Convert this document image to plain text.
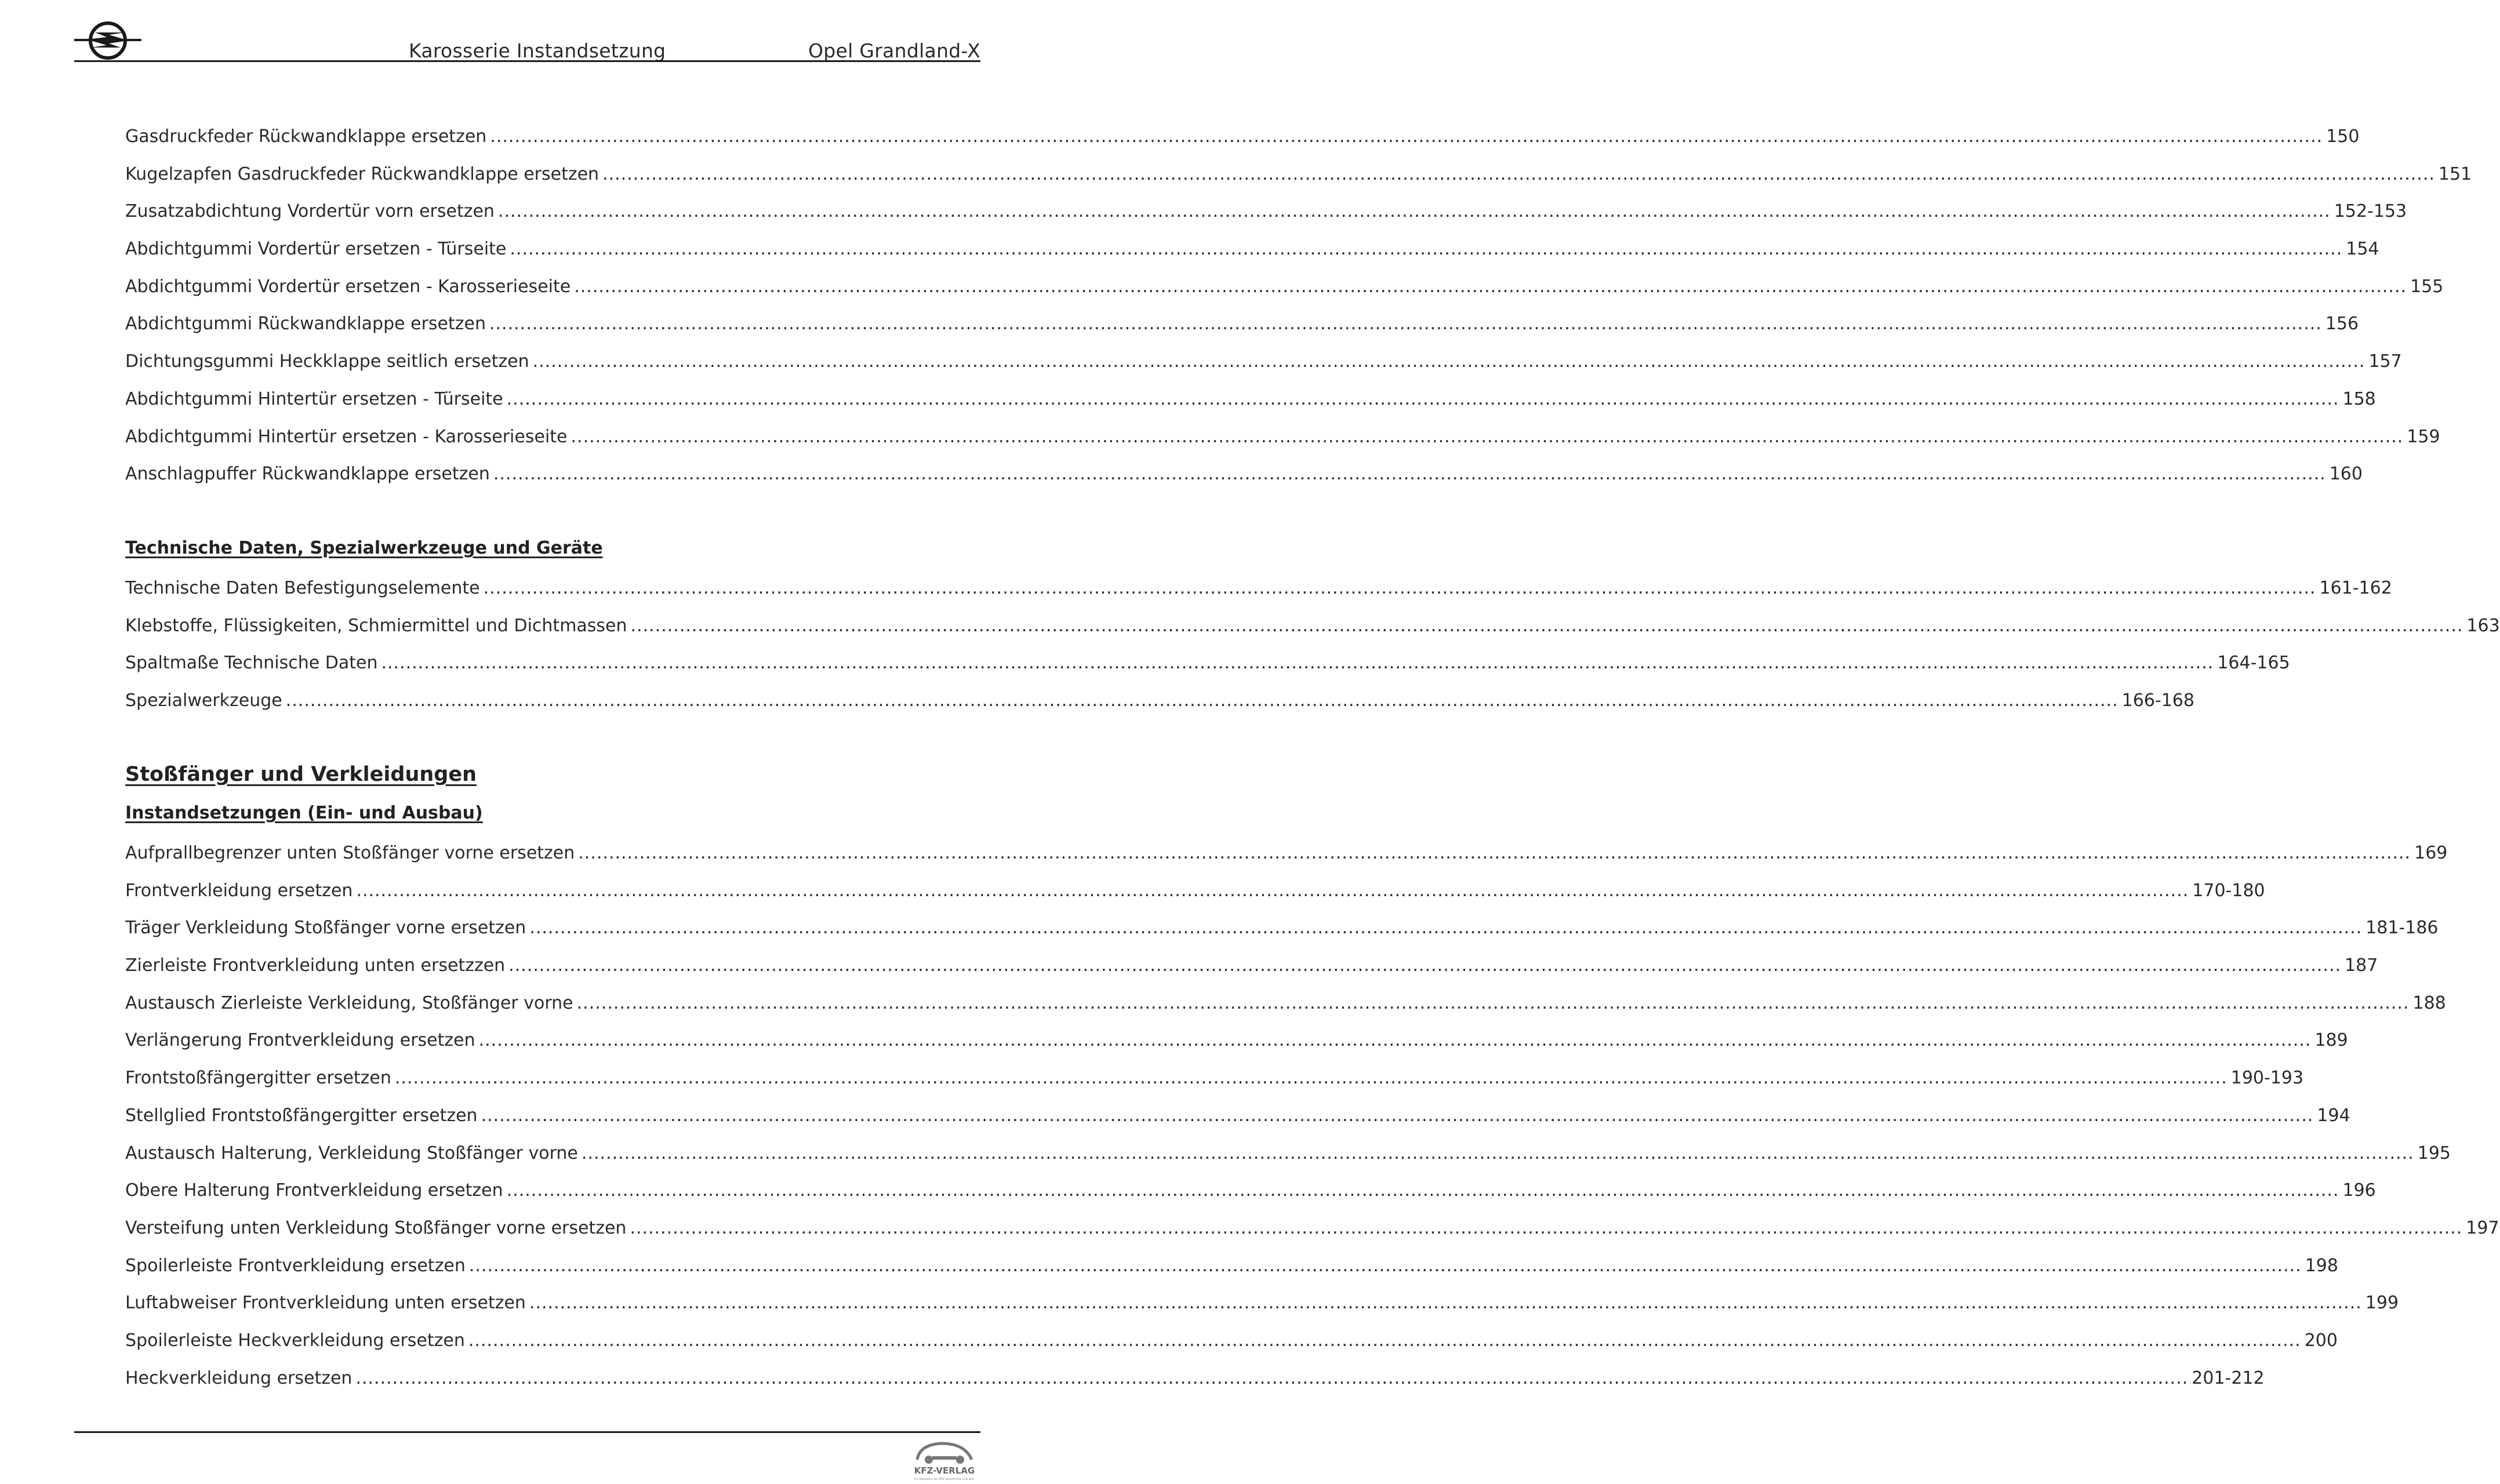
Karosserie Instandsetzung	Opel Grandland-X
Gasdruckfeder Rückwandklappe ersetzen ............................................................................................................................................................................................................................................................................................................ 150
Kugelzapfen Gasdruckfeder Rückwandklappe ersetzen ............................................................................................................................................................................................................................................................................................................ 151
Zusatzabdichtung Vordertür vorn ersetzen ............................................................................................................................................................................................................................................................................................................ 152-153
Abdichtgummi Vordertür ersetzen - Türseite ............................................................................................................................................................................................................................................................................................................ 154
Abdichtgummi Vordertür ersetzen - Karosserieseite ............................................................................................................................................................................................................................................................................................................ 155
Abdichtgummi Rückwandklappe ersetzen ............................................................................................................................................................................................................................................................................................................ 156
Dichtungsgummi Heckklappe seitlich ersetzen ............................................................................................................................................................................................................................................................................................................ 157
Abdichtgummi Hintertür ersetzen - Türseite ............................................................................................................................................................................................................................................................................................................ 158
Abdichtgummi Hintertür ersetzen - Karosserieseite ............................................................................................................................................................................................................................................................................................................ 159
Anschlagpuffer Rückwandklappe ersetzen ............................................................................................................................................................................................................................................................................................................ 160
Technische Daten, Spezialwerkzeuge und Geräte
Technische Daten Befestigungselemente ............................................................................................................................................................................................................................................................................................................ 161-162
Klebstoffe, Flüssigkeiten, Schmiermittel und Dichtmassen ............................................................................................................................................................................................................................................................................................................ 163
Spaltmaße Technische Daten ............................................................................................................................................................................................................................................................................................................ 164-165
Spezialwerkzeuge ............................................................................................................................................................................................................................................................................................................ 166-168
Stoßfänger und Verkleidungen
Instandsetzungen (Ein- und Ausbau)
Aufprallbegrenzer unten Stoßfänger vorne ersetzen ............................................................................................................................................................................................................................................................................................................ 169
Frontverkleidung ersetzen ............................................................................................................................................................................................................................................................................................................ 170-180
Träger Verkleidung Stoßfänger vorne ersetzen ............................................................................................................................................................................................................................................................................................................ 181-186
Zierleiste Frontverkleidung unten ersetzzen ............................................................................................................................................................................................................................................................................................................ 187
Austausch Zierleiste Verkleidung, Stoßfänger vorne ............................................................................................................................................................................................................................................................................................................ 188
Verlängerung Frontverkleidung ersetzen ............................................................................................................................................................................................................................................................................................................ 189
Frontstoßfängergitter ersetzen ............................................................................................................................................................................................................................................................................................................ 190-193
Stellglied Frontstoßfängergitter ersetzen ............................................................................................................................................................................................................................................................................................................ 194
Austausch Halterung, Verkleidung Stoßfänger vorne ............................................................................................................................................................................................................................................................................................................ 195
Obere Halterung Frontverkleidung ersetzen ............................................................................................................................................................................................................................................................................................................ 196
Versteifung unten Verkleidung Stoßfänger vorne ersetzen ............................................................................................................................................................................................................................................................................................................ 197
Spoilerleiste Frontverkleidung ersetzen ............................................................................................................................................................................................................................................................................................................ 198
Luftabweiser Frontverkleidung unten ersetzen ............................................................................................................................................................................................................................................................................................................ 199
Spoilerleiste Heckverkleidung ersetzen ............................................................................................................................................................................................................................................................................................................ 200
Heckverkleidung ersetzen ............................................................................................................................................................................................................................................................................................................ 201-212
KFZ-VERLAG
Ihr Spezialist für KFZ spezifische Literatur
